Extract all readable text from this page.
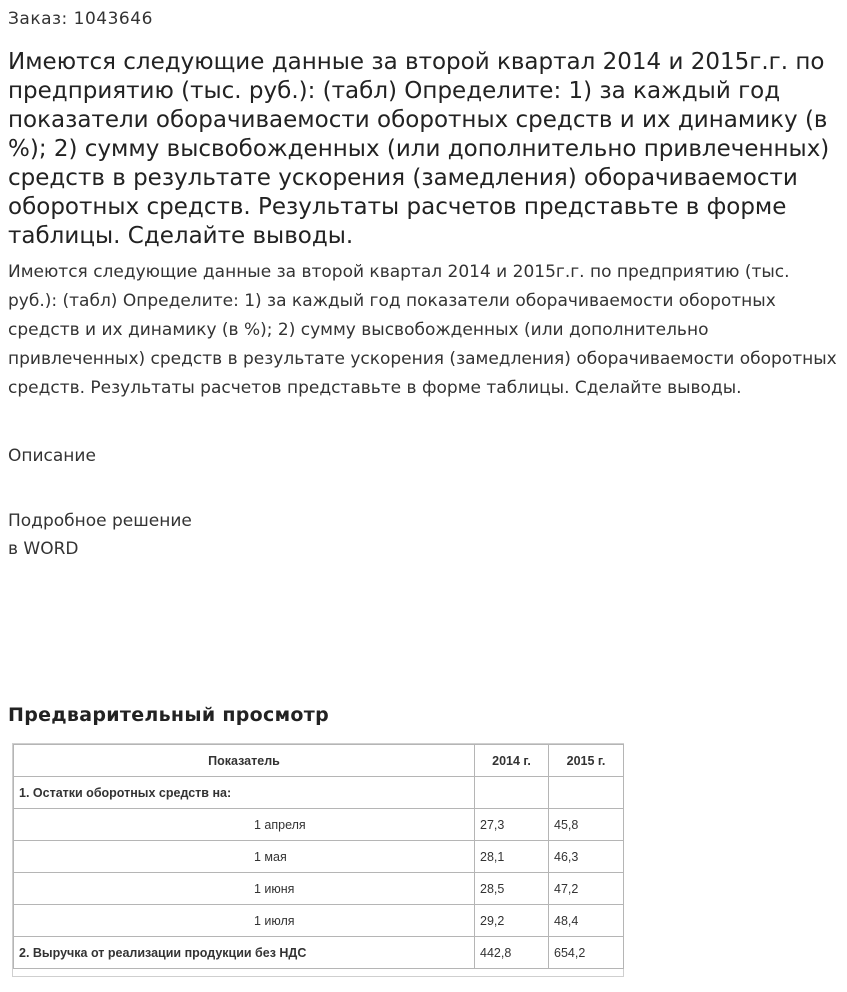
Заказ: 1043646
Имеются следующие данные за второй квартал 2014 и 2015г.г. по предприятию (тыс. руб.): (табл) Определите: 1) за каждый год показатели оборачиваемости оборотных средств и их динамику (в %); 2) сумму высвобожденных (или дополнительно привлеченных) средств в результате ускорения (замедления) оборачиваемости оборотных средств. Результаты расчетов представьте в форме таблицы. Сделайте выводы.

Имеются следующие данные за второй квартал 2014 и 2015г.г. по предприятию (тыс. руб.): (табл) Определите: 1) за каждый год показатели оборачиваемости оборотных средств и их динамику (в %); 2) сумму высвобожденных (или дополнительно привлеченных) средств в результате ускорения (замедления) оборачиваемости оборотных средств. Результаты расчетов представьте в форме таблицы. Сделайте выводы.

Описание
Подробное решение
в WORD
Предварительный просмотр
Показатель	2014 г.	2015 г.
1. Остатки оборотных средств на:		
1 апреля	27,3	45,8
1 мая	28,1	46,3
1 июня	28,5	47,2
1 июля	29,2	48,4
2. Выручка от реализации продукции без НДС	442,8	654,2
